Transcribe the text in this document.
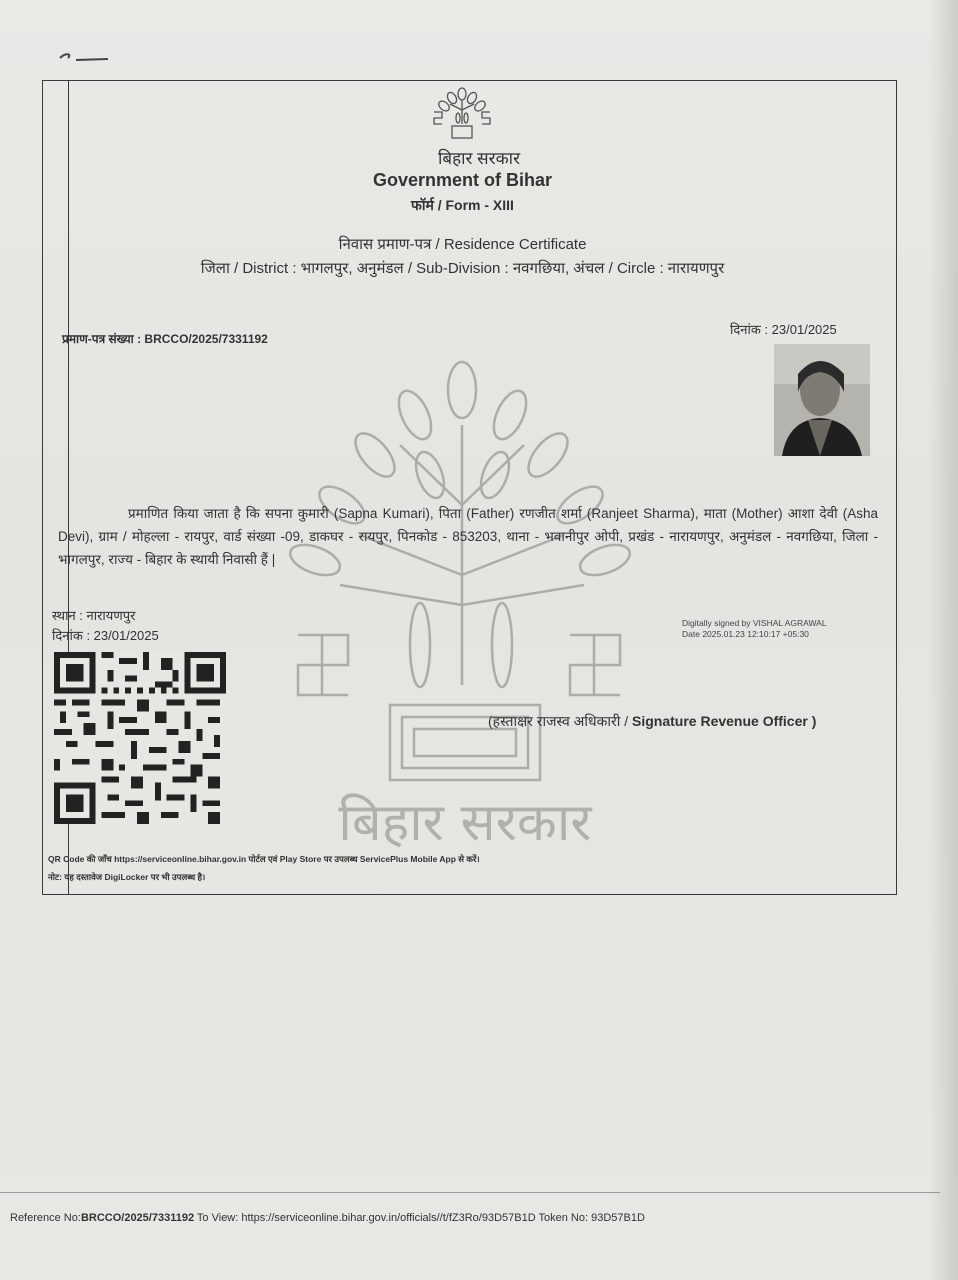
बिहार सरकार
Government of Bihar
फॉर्म / Form - XIII
निवास प्रमाण-पत्र / Residence Certificate
जिला / District : भागलपुर, अनुमंडल / Sub-Division : नवगछिया, अंचल / Circle : नारायणपुर
प्रमाण-पत्र संख्या : BRCCO/2025/7331192
दिनांक : 23/01/2025
बिहार सरकार
प्रमाणित किया जाता है कि सपना कुमारी (Sapna Kumari), पिता (Father) रणजीत शर्मा (Ranjeet Sharma), माता (Mother) आशा देवी (Asha Devi), ग्राम / मोहल्ला - रायपुर, वार्ड संख्या -09, डाकघर - रायपुर, पिनकोड - 853203, थाना - भवानीपुर ओपी, प्रखंड - नारायणपुर, अनुमंडल - नवगछिया, जिला - भागलपुर, राज्य - बिहार के स्थायी निवासी हैं |
स्थान : नारायणपुर
दिनांक : 23/01/2025
Digitally signed by VISHAL AGRAWAL
Date 2025.01.23 12:10:17 +05:30
(हस्ताक्षर राजस्व अधिकारी / Signature Revenue Officer )
QR Code की जाँच https://serviceonline.bihar.gov.in पोर्टल एवं Play Store पर उपलब्ध ServicePlus Mobile App से करें।
नोट: यह दस्तावेज DigiLocker पर भी उपलब्ध है।
Reference No:BRCCO/2025/7331192 To View: https://serviceonline.bihar.gov.in/officials//t/fZ3Ro/93D57B1D Token No: 93D57B1D
